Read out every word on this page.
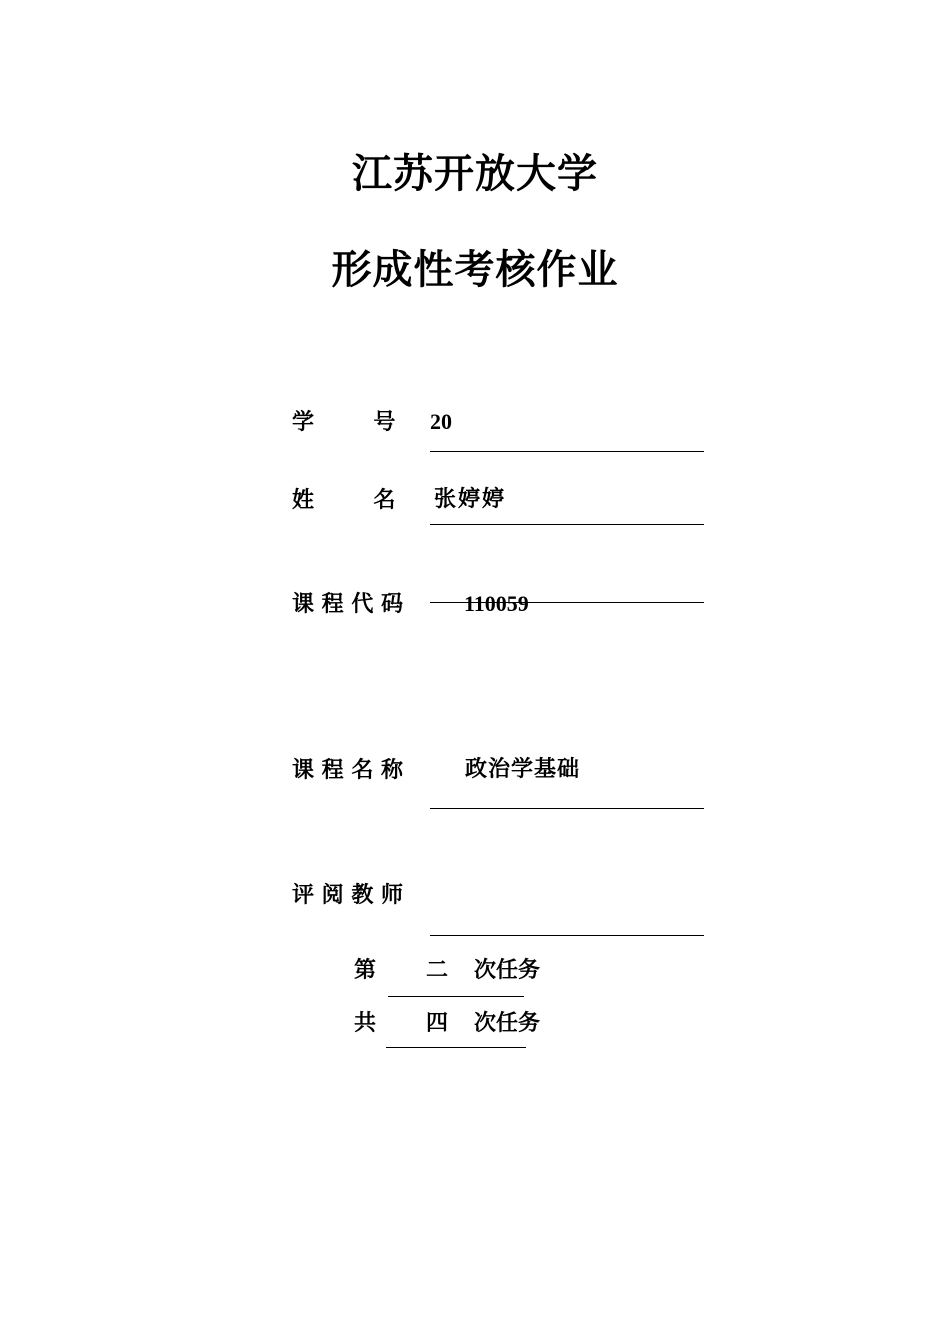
江苏开放大学
形成性考核作业
学 　 　号 20
姓 　 　名 张婷婷
课 程 代 码	110059
课 程 名 称	政治学基础
评 阅 教 师
第 二 次任务
共 四 次任务
